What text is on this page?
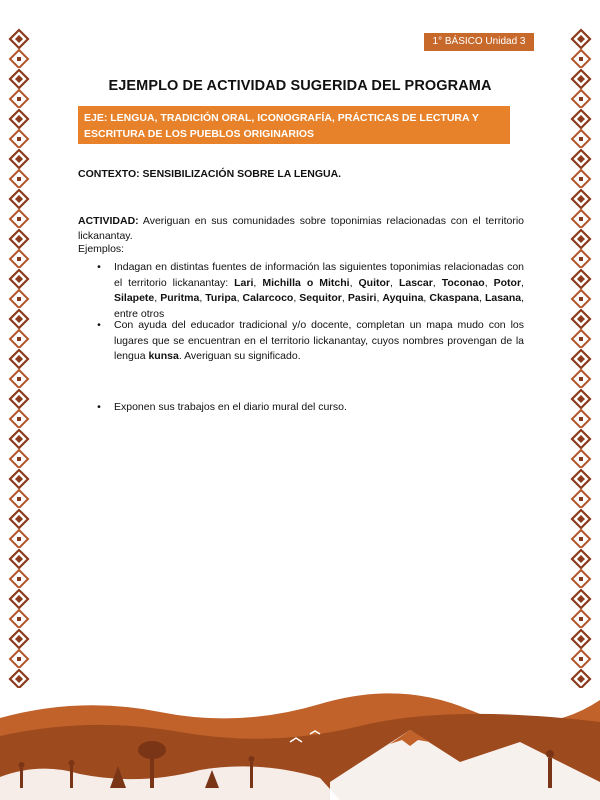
1° BÁSICO Unidad 3
EJEMPLO DE ACTIVIDAD SUGERIDA DEL PROGRAMA
EJE: LENGUA, TRADICIÓN ORAL, ICONOGRAFÍA, PRÁCTICAS DE LECTURA Y ESCRITURA DE LOS PUEBLOS ORIGINARIOS
CONTEXTO: SENSIBILIZACIÓN SOBRE LA LENGUA.
ACTIVIDAD: Averiguan en sus comunidades sobre toponimias relacionadas con el territorio lickanantay.
Ejemplos:
•	Indagan en distintas fuentes de información las siguientes toponimias relacionadas con el territorio lickanantay: Lari, Michilla o Mitchi, Quitor, Lascar, Toconao, Potor, Silapete, Puritma, Turipa, Calarcoco, Sequitor, Pasiri, Ayquina, Ckaspana, Lasana, entre otros
•	Con ayuda del educador tradicional y/o docente, completan un mapa mudo con los lugares que se encuentran en el territorio lickanantay, cuyos nombres provengan de la lengua kunsa. Averiguan su significado.
•	Exponen sus trabajos en el diario mural del curso.
